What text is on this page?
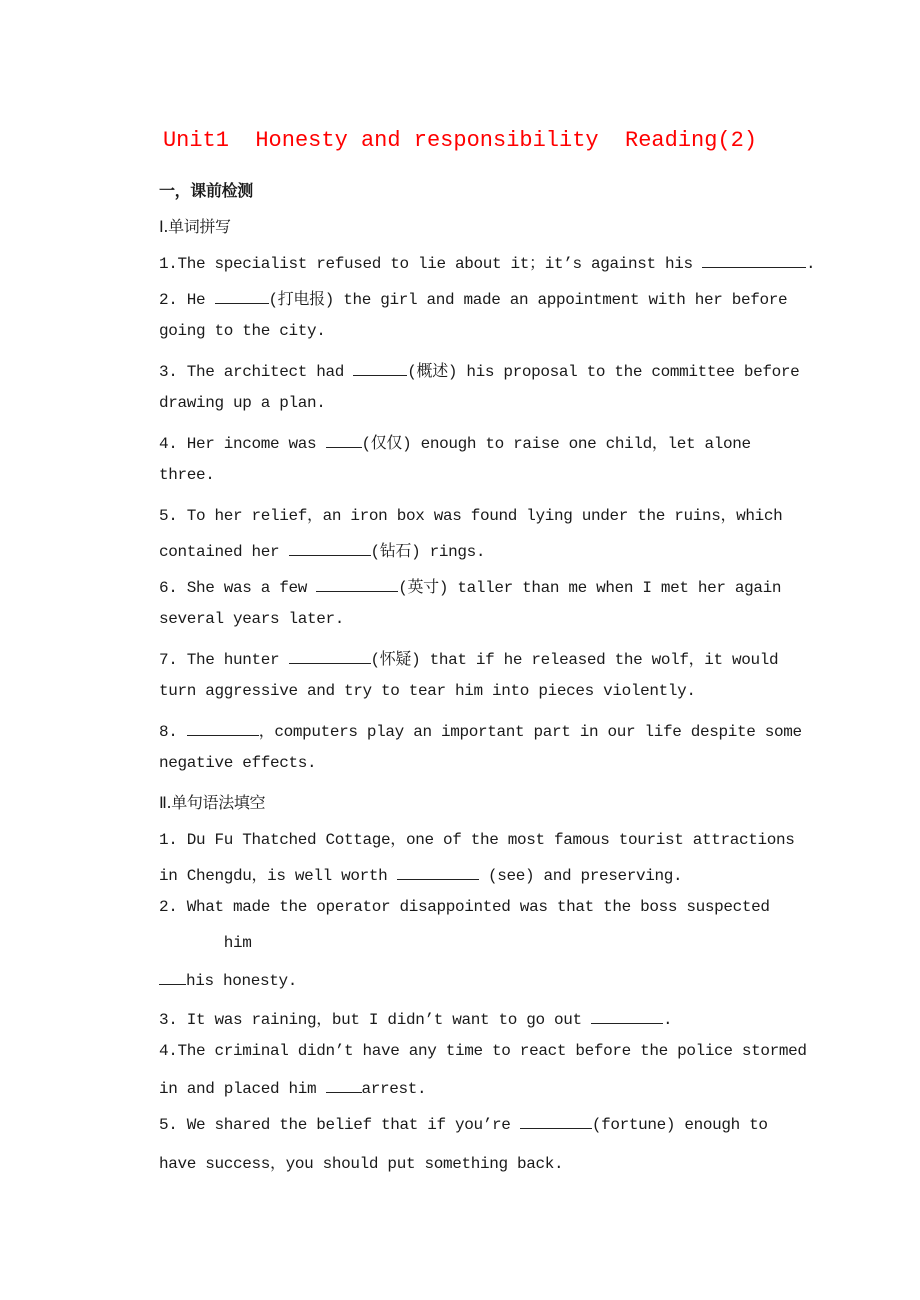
Unit1  Honesty and responsibility  Reading(2)
一，课前检测
Ⅰ.单词拼写
1.The specialist refused to lie about it；it’s against his	.
2. He	(打电报) the girl and made an appointment with her before
going to the city.
3. The architect had	(概述) his proposal to the committee before
drawing up a plan.
4. Her income was (仅仅) enough to raise one child，let alone
three.
5. To her relief，an iron box was found lying under the ruins，which
contained her	(钻石) rings.
6. She was a few	(英寸) taller than me when I met her again
several years later.
7. The hunter	(怀疑) that if he released the wolf，it would
turn aggressive and try to tear him into pieces violently.
8.	，computers play an important part in our life despite some
negative effects.
Ⅱ.单句语法填空
1. Du Fu Thatched Cottage，one of the most famous tourist attractions
in Chengdu，is well worth	(see) and preserving.
2. What made the operator disappointed was that the boss suspected
him
his honesty.
3. It was raining，but I didn’t want to go out	.
4.The criminal didn’t have any time to react before the police stormed
in and placed him arrest.
5. We shared the belief that if you’re	(fortune) enough to
have success，you should put something back.
